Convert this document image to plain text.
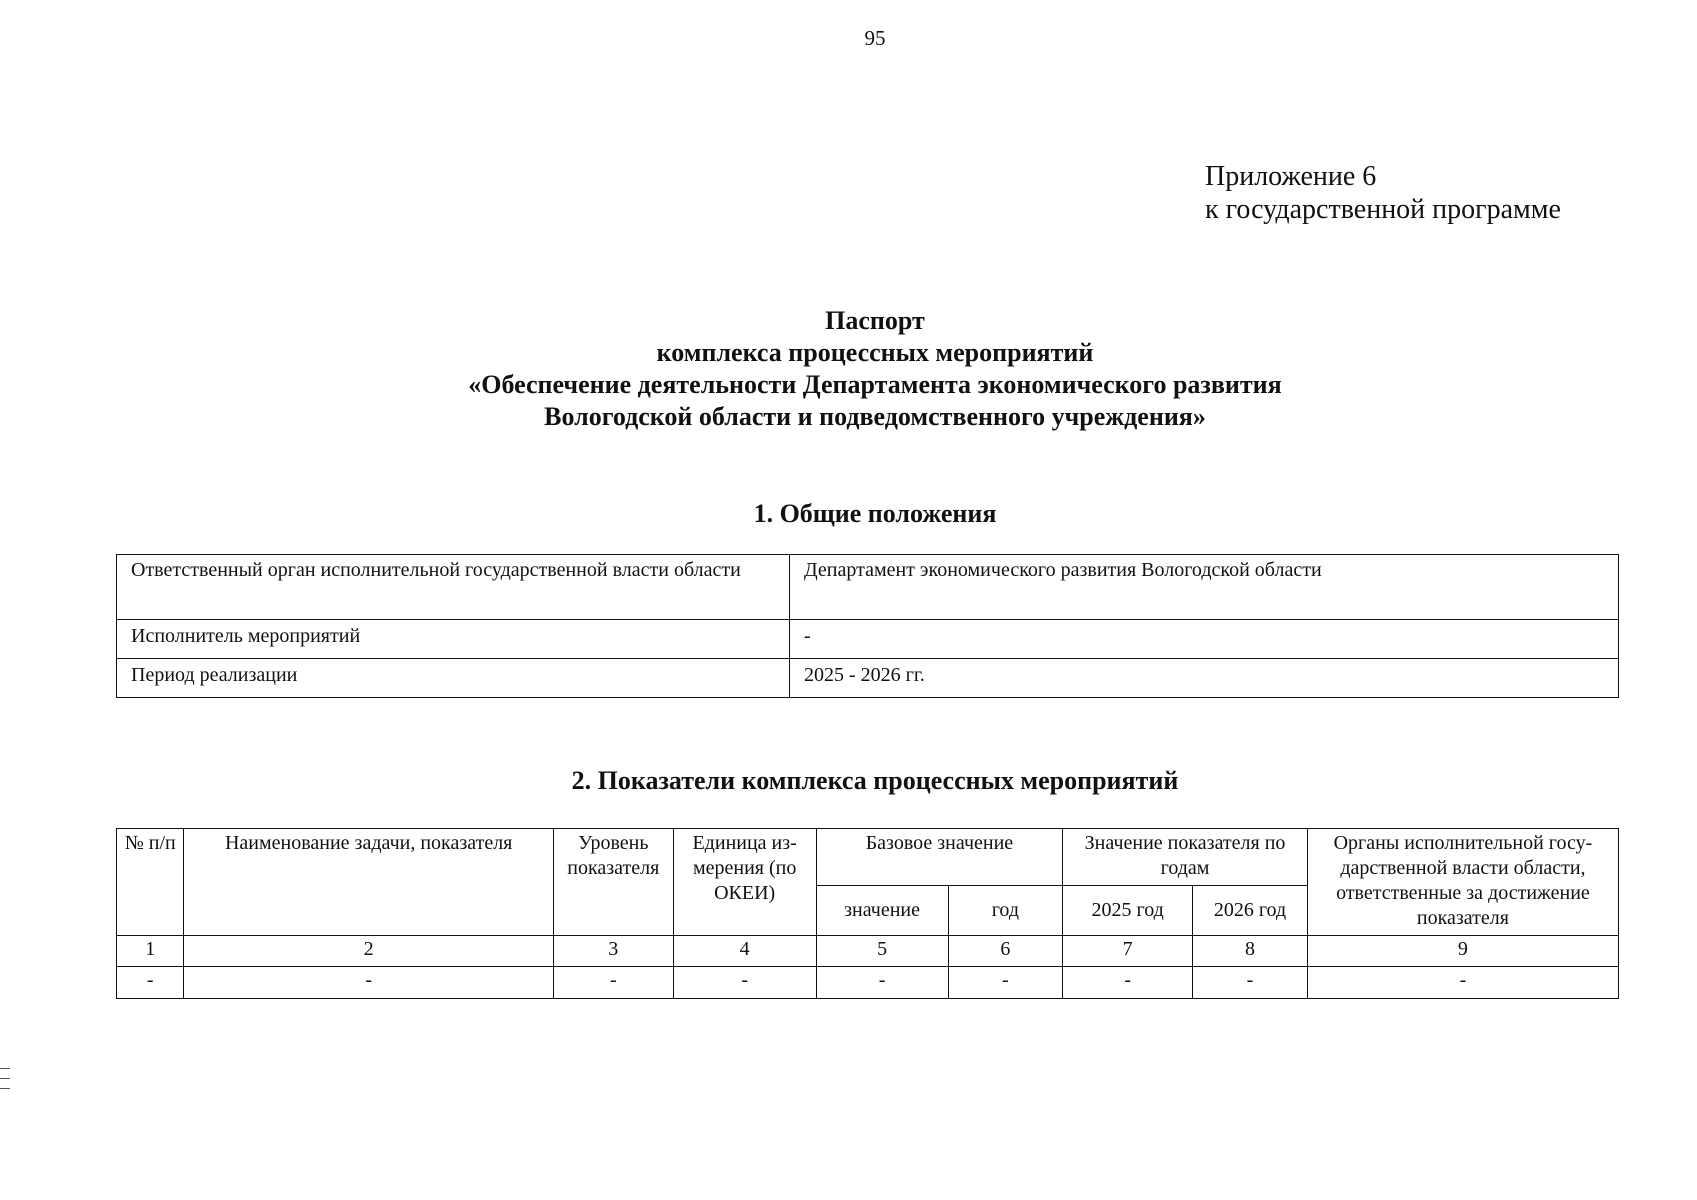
95
Приложение 6
к государственной программе
Паспорт
комплекса процессных мероприятий
«Обеспечение деятельности Департамента экономического развития
Вологодской области и подведомственного учреждения»
1. Общие положения
Ответственный орган исполнительной государственной власти области	Департамент экономического развития Вологодской области
Исполнитель мероприятий	-
Период реализации	2025 - 2026 гг.
2. Показатели комплекса процессных мероприятий
№ п/п	Наименование задачи, показателя	Уровень показателя	Единица из- мерения (по ОКЕИ)	Базовое значение		Значение показателя по годам		Органы исполнительной госу- дарственной власти области, ответственные за достижение показателя
				значение	год	2025 год	2026 год	
1	2	3	4	5	6	7	8	9
-	-	-	-	-	-	-	-	-
